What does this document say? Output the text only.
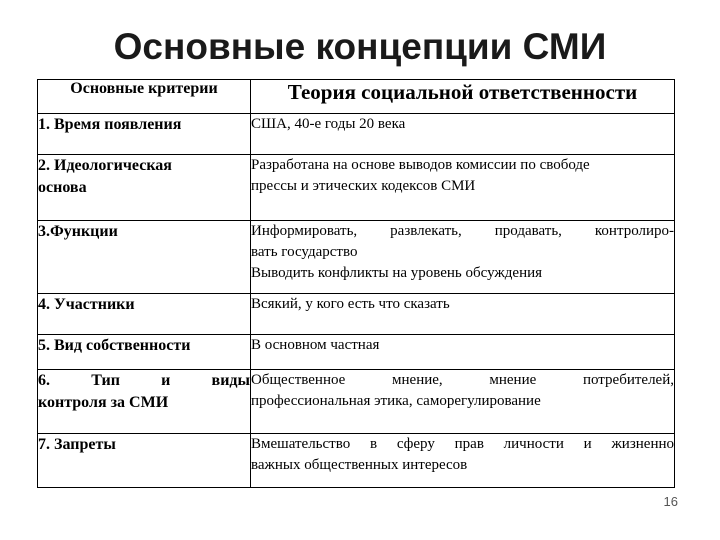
Основные концепции СМИ
Основные критерии	Теория социальной ответственности

1. Время появления	США, 40-е годы 20 века

2. Идеологическая
основа	Разработана на основе выводов комиссии по свободе
прессы и этических кодексов СМИ

3.Функции	Информировать, развлекать, продавать, контролиро-
вать государство
Выводить конфликты на уровень обсуждения

4. Участники	Всякий, у кого есть что сказать

5. Вид собственности	В основном частная

6. Тип и виды
контроля за СМИ	Общественное мнение, мнение потребителей,
профессиональная этика, саморегулирование

7. Запреты	Вмешательство в сферу прав личности и жизненно
важных общественных интересов
16
